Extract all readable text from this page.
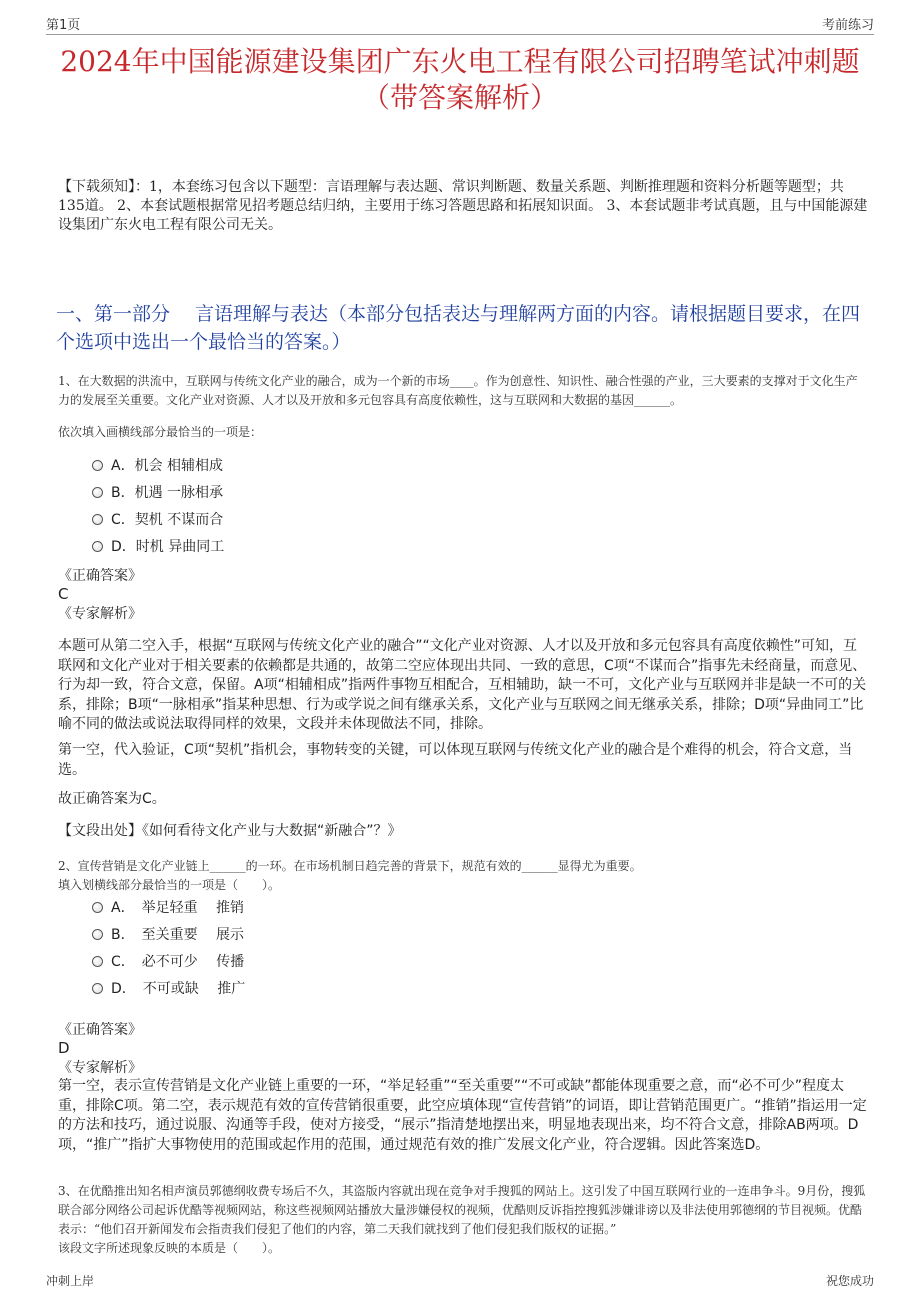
第1页	考前练习
2024年中国能源建设集团广东火电工程有限公司招聘笔试冲刺题（带答案解析）

【下载须知】：1，本套练习包含以下题型：言语理解与表达题、常识判断题、数量关系题、判断推理题和资料分析题等题型；共135道。 2、本套试题根据常见招考题总结归纳，主要用于练习答题思路和拓展知识面。 3、本套试题非考试真题，且与中国能源建设集团广东火电工程有限公司无关。

一、第一部分　 言语理解与表达（本部分包括表达与理解两方面的内容。请根据题目要求，在四个选项中选出一个最恰当的答案。）

1、在大数据的洪流中，互联网与传统文化产业的融合，成为一个新的市场____。作为创意性、知识性、融合性强的产业，三大要素的支撑对于文化生产力的发展至关重要。文化产业对资源、人才以及开放和多元包容具有高度依赖性，这与互联网和大数据的基因______。

依次填入画横线部分最恰当的一项是：

A．机会 相辅相成
B．机遇 一脉相承
C．契机 不谋而合
D．时机 异曲同工
《正确答案》
C
《专家解析》

本题可从第二空入手，根据“互联网与传统文化产业的融合”“文化产业对资源、人才以及开放和多元包容具有高度依赖性”可知，互联网和文化产业对于相关要素的依赖都是共通的，故第二空应体现出共同、一致的意思，C项“不谋而合”指事先未经商量，而意见、行为却一致，符合文意，保留。A项“相辅相成”指两件事物互相配合，互相辅助，缺一不可，文化产业与互联网并非是缺一不可的关系，排除；B项“一脉相承”指某种思想、行为或学说之间有继承关系，文化产业与互联网之间无继承关系，排除；D项“异曲同工”比喻不同的做法或说法取得同样的效果，文段并未体现做法不同，排除。

第一空，代入验证，C项“契机”指机会，事物转变的关键，可以体现互联网与传统文化产业的融合是个难得的机会，符合文意，当选。

故正确答案为C。

【文段出处】《如何看待文化产业与大数据“新融合”？》

2、宣传营销是文化产业链上______的一环。在市场机制日趋完善的背景下，规范有效的______显得尤为重要。

填入划横线部分最恰当的一项是（　　）。

A．　举足轻重　 推销
B．　至关重要　 展示
C．　必不可少　 传播
D．　不可或缺　 推广
《正确答案》
D
《专家解析》

第一空，表示宣传营销是文化产业链上重要的一环，“举足轻重”“至关重要”“不可或缺”都能体现重要之意，而“必不可少”程度太重，排除C项。第二空，表示规范有效的宣传营销很重要，此空应填体现“宣传营销”的词语，即让营销范围更广。“推销”指运用一定的方法和技巧，通过说服、沟通等手段，使对方接受，“展示”指清楚地摆出来，明显地表现出来，均不符合文意，排除AB两项。D项，“推广”指扩大事物使用的范围或起作用的范围，通过规范有效的推广发展文化产业，符合逻辑。因此答案选D。

3、在优酷推出知名相声演员郭德纲收费专场后不久，其盗版内容就出现在竞争对手搜狐的网站上。这引发了中国互联网行业的一连串争斗。9月份，搜狐联合部分网络公司起诉优酷等视频网站，称这些视频网站播放大量涉嫌侵权的视频，优酷则反诉指控搜狐涉嫌诽谤以及非法使用郭德纲的节目视频。优酷表示：“他们召开新闻发布会指责我们侵犯了他们的内容，第二天我们就找到了他们侵犯我们版权的证据。”

该段文字所述现象反映的本质是（　　）。

冲刺上岸	祝您成功
